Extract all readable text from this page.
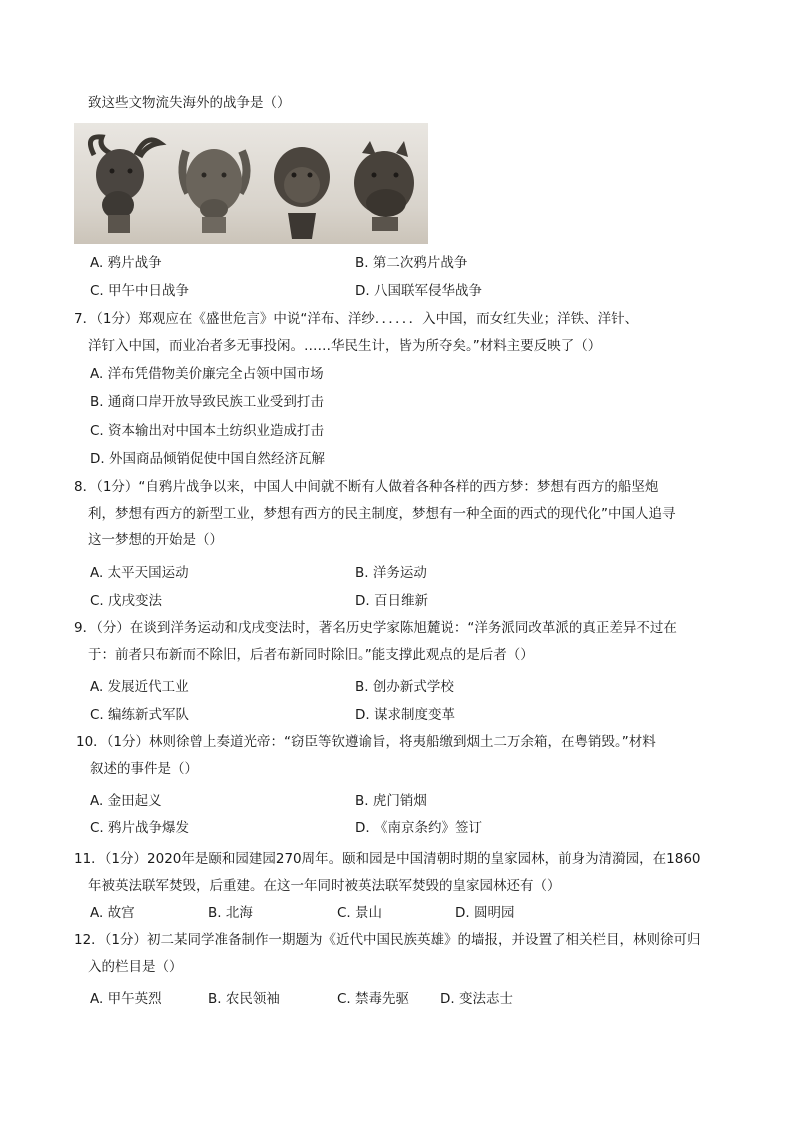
致这些文物流失海外的战争是（）
A. 鸦片战争	B. 第二次鸦片战争
C. 甲午中日战争	D. 八国联军侵华战争
7．（1分）郑观应在《盛世危言》中说“洋布、洋纱．．．．．．入中国，而女红失业；洋铁、洋针、
洋钉入中国，而业冶者多无事投闲。……华民生计，皆为所夺矣。”材料主要反映了（）
A. 洋布凭借物美价廉完全占领中国市场
B. 通商口岸开放导致民族工业受到打击
C. 资本输出对中国本土纺织业造成打击
D. 外国商品倾销促使中国自然经济瓦解
8．（1分）“自鸦片战争以来，中国人中间就不断有人做着各种各样的西方梦：梦想有西方的船坚炮
利，梦想有西方的新型工业，梦想有西方的民主制度，梦想有一种全面的西式的现代化”中国人追寻
这一梦想的开始是（）
A. 太平天国运动	B. 洋务运动
C. 戊戌变法	D. 百日维新
9．（分）在谈到洋务运动和戊戌变法时，著名历史学家陈旭麓说：“洋务派同改革派的真正差异不过在
于：前者只布新而不除旧，后者布新同时除旧。”能支撑此观点的是后者（）
A. 发展近代工业	B. 创办新式学校
C. 编练新式军队	D. 谋求制度变革
10．（1分）林则徐曾上奏道光帝：“窃臣等钦遵谕旨，将夷船缴到烟土二万余箱，在粤销毁。”材料
叙述的事件是（）
A. 金田起义	B. 虎门销烟
C. 鸦片战争爆发	D. 《南京条约》签订
11．（1分）2020年是颐和园建园270周年。颐和园是中国清朝时期的皇家园林，前身为清漪园，在1860
年被英法联军焚毁，后重建。在这一年同时被英法联军焚毁的皇家园林还有（）
A. 故宫	B. 北海	C. 景山	D. 圆明园
12．（1分）初二某同学准备制作一期题为《近代中国民族英雄》的墙报，并设置了相关栏目，林则徐可归
入的栏目是（）
A. 甲午英烈	B. 农民领袖	C. 禁毒先驱 D. 变法志士
